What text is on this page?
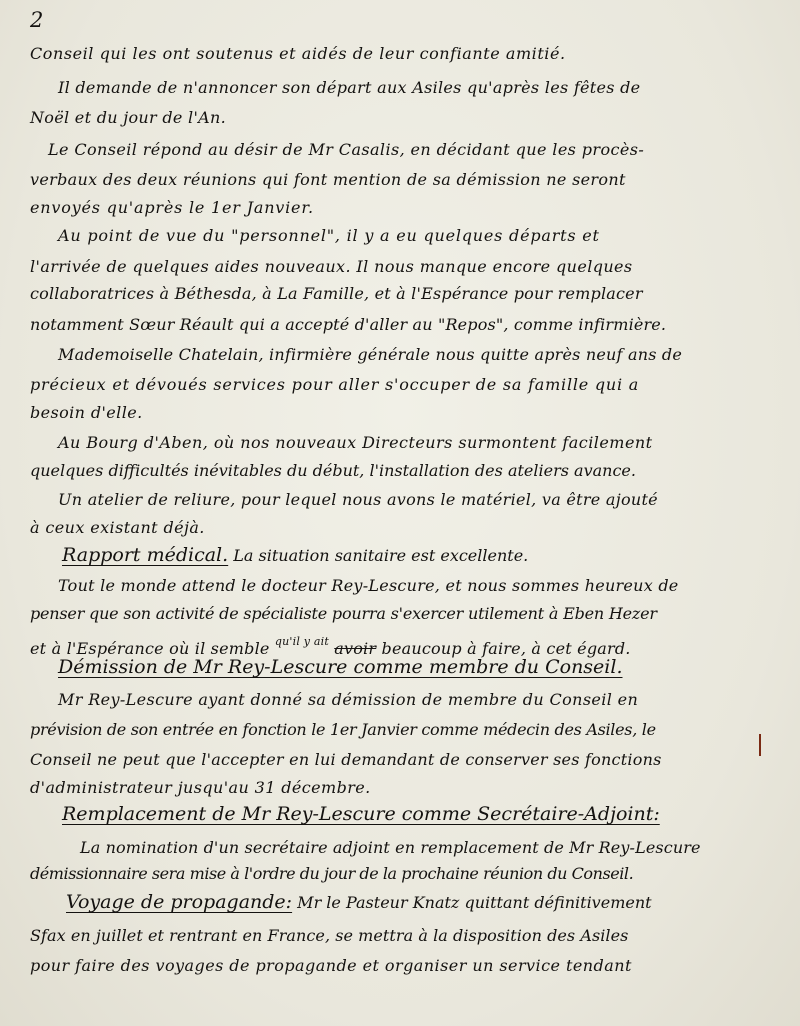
2
Conseil qui les ont soutenus et aidés de leur confiante amitié.
Il demande de n'annoncer son départ aux Asiles qu'après les fêtes de
Noël et du jour de l'An.
Le Conseil répond au désir de Mr Casalis, en décidant que les procès-
verbaux des deux réunions qui font mention de sa démission ne seront
envoyés qu'après le 1er Janvier.
Au point de vue du "personnel", il y a eu quelques départs et
l'arrivée de quelques aides nouveaux. Il nous manque encore quelques
collaboratrices à Béthesda, à La Famille, et à l'Espérance pour remplacer
notamment Sœur Réault qui a accepté d'aller au "Repos", comme infirmière.
Mademoiselle Chatelain, infirmière générale nous quitte après neuf ans de
précieux et dévoués services pour aller s'occuper de sa famille qui a
besoin d'elle.
Au Bourg d'Aben, où nos nouveaux Directeurs surmontent facilement
quelques difficultés inévitables du début, l'installation des ateliers avance.
Un atelier de reliure, pour lequel nous avons le matériel, va être ajouté
à ceux existant déjà.
Rapport médical. La situation sanitaire est excellente.
Tout le monde attend le docteur Rey-Lescure, et nous sommes heureux de
penser que son activité de spécialiste pourra s'exercer utilement à Eben Hezer
et à l'Espérance où il semble $^{qu'il y ait}$ avoir beaucoup à faire, à cet égard.
Démission de Mr Rey-Lescure comme membre du Conseil.
Mr Rey-Lescure ayant donné sa démission de membre du Conseil en
prévision de son entrée en fonction le 1er Janvier comme médecin des Asiles, le
Conseil ne peut que l'accepter en lui demandant de conserver ses fonctions
d'administrateur jusqu'au 31 décembre.
Remplacement de Mr Rey-Lescure comme Secrétaire-Adjoint:
La nomination d'un secrétaire adjoint en remplacement de Mr Rey-Lescure
démissionnaire sera mise à l'ordre du jour de la prochaine réunion du Conseil.
Voyage de propagande: Mr le Pasteur Knatz quittant définitivement
Sfax en juillet et rentrant en France, se mettra à la disposition des Asiles
pour faire des voyages de propagande et organiser un service tendant
